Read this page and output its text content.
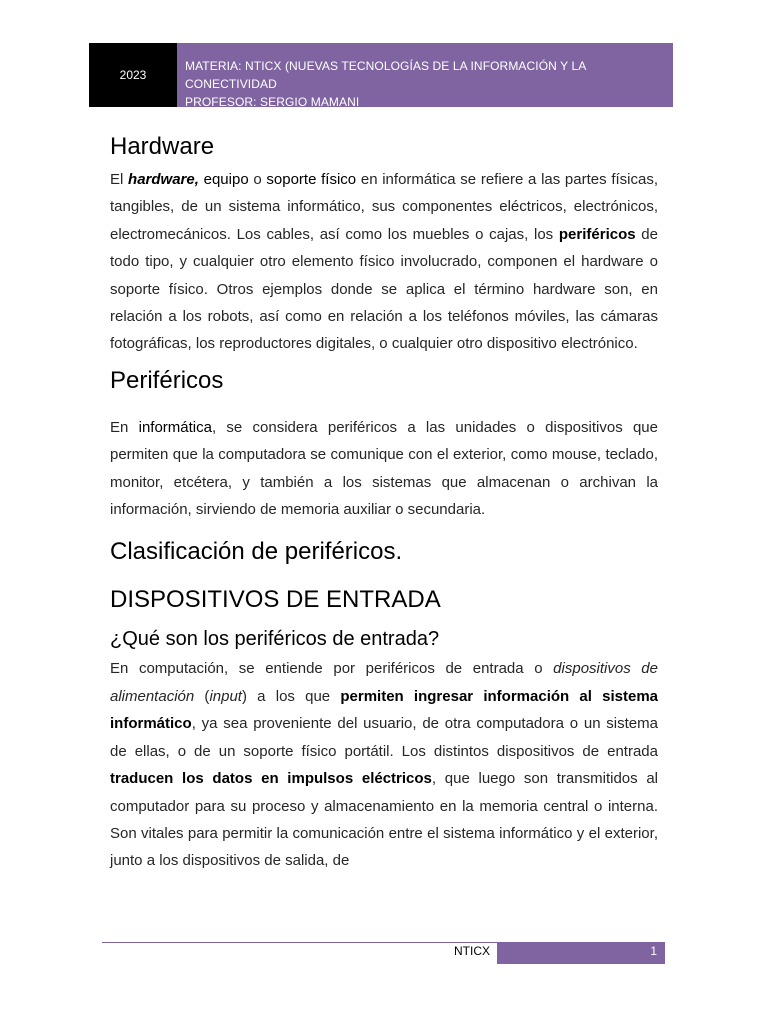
2023
MATERIA: NTICX (NUEVAS TECNOLOGÍAS DE LA INFORMACIÓN Y LA CONECTIVIDAD
PROFESOR: SERGIO MAMANI
Hardware

El hardware, equipo o soporte físico en informática se refiere a las partes físicas, tangibles, de un sistema informático, sus componentes eléctricos, electrónicos, electromecánicos. Los cables, así como los muebles o cajas, los periféricos de todo tipo, y cualquier otro elemento físico involucrado, componen el hardware o soporte físico. Otros ejemplos donde se aplica el término hardware son, en relación a los robots, así como en relación a los teléfonos móviles, las cámaras fotográficas, los reproductores digitales, o cualquier otro dispositivo electrónico.

Periféricos

En informática, se considera periféricos a las unidades o dispositivos que permiten que la computadora se comunique con el exterior, como mouse, teclado, monitor, etcétera, y también a los sistemas que almacenan o archivan la información, sirviendo de memoria auxiliar o secundaria.

Clasificación de periféricos.
DISPOSITIVOS DE ENTRADA
¿Qué son los periféricos de entrada?

En computación, se entiende por periféricos de entrada o dispositivos de alimentación (input) a los que permiten ingresar información al sistema informático, ya sea proveniente del usuario, de otra computadora o un sistema de ellas, o de un soporte físico portátil. Los distintos dispositivos de entrada traducen los datos en impulsos eléctricos, que luego son transmitidos al computador para su proceso y almacenamiento en la memoria central o interna. Son vitales para permitir la comunicación entre el sistema informático y el exterior, junto a los dispositivos de salida, de

NTICX	1
